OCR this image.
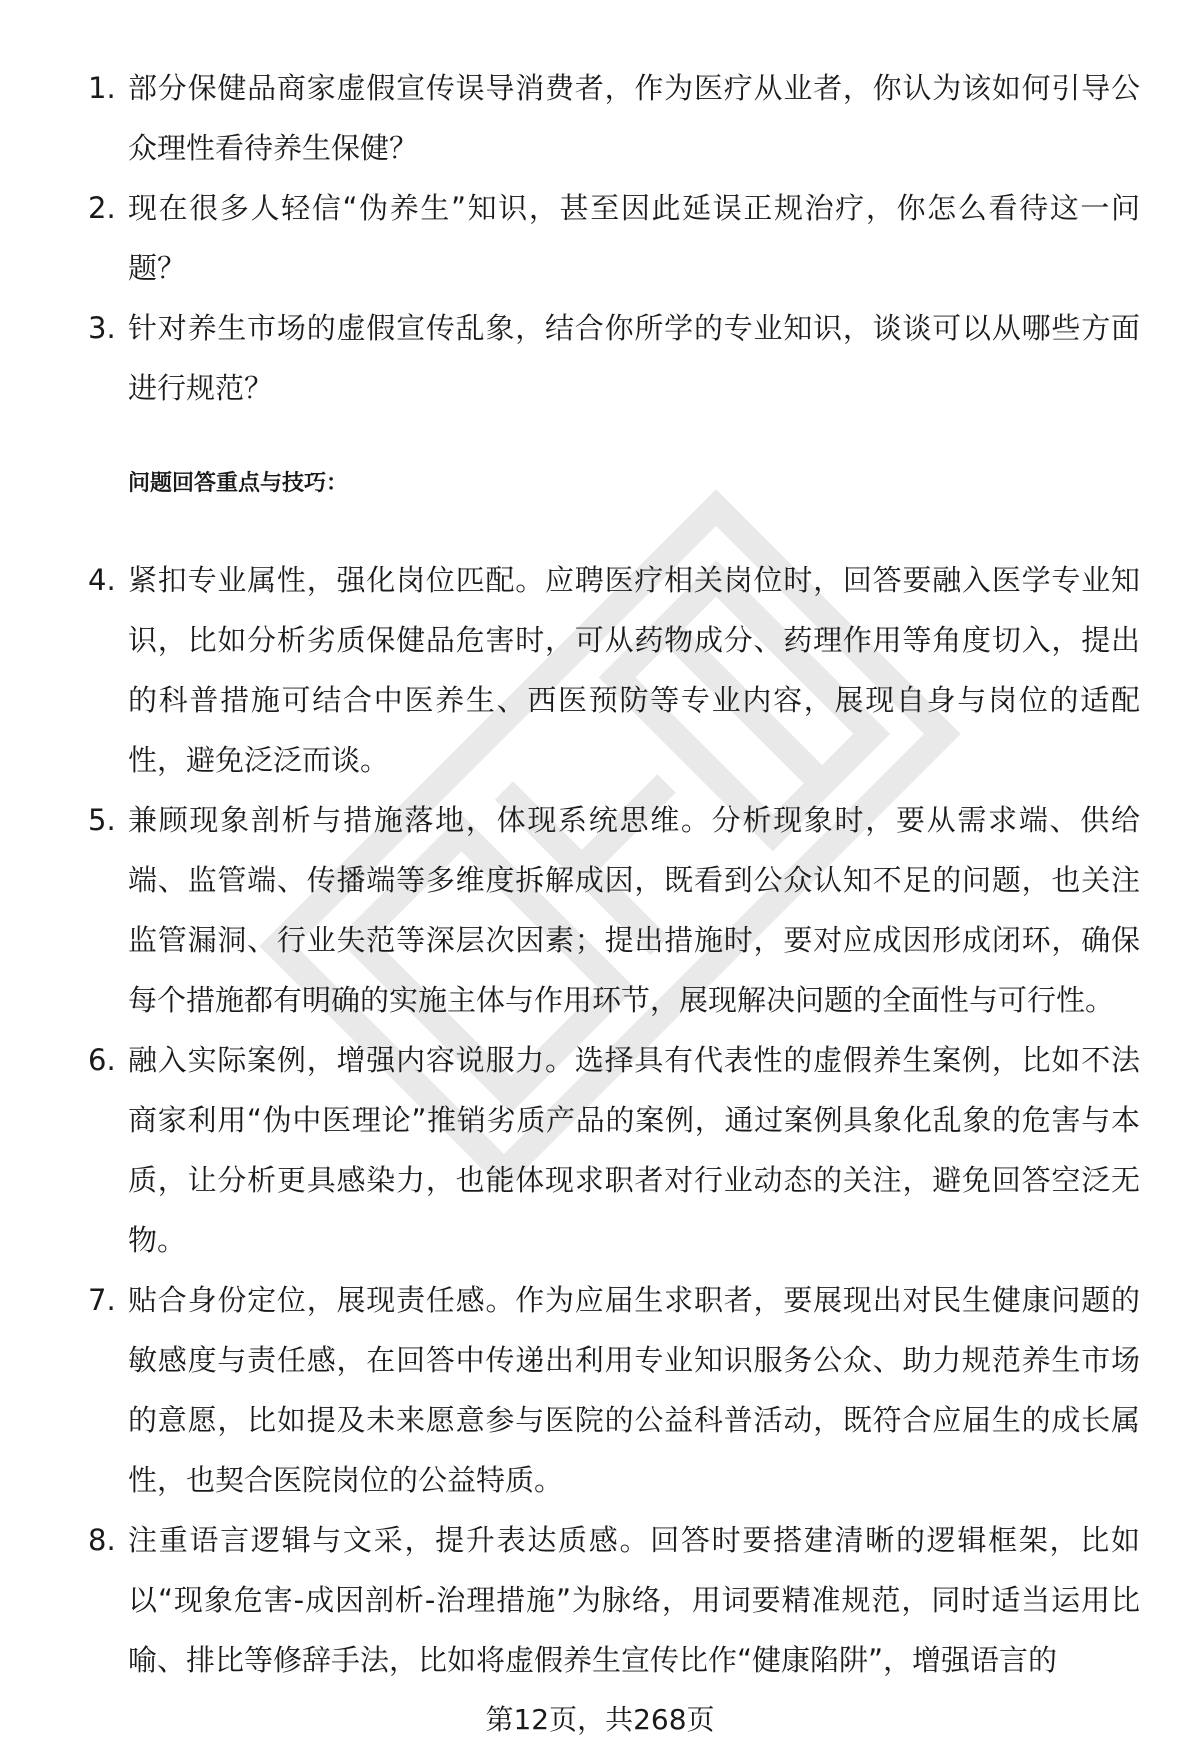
1. 部分保健品商家虚假宣传误导消费者，作为医疗从业者，你认为该如何引导公众理性看待养生保健？
2. 现在很多人轻信“伪养生”知识，甚至因此延误正规治疗，你怎么看待这一问题？
3. 针对养生市场的虚假宣传乱象，结合你所学的专业知识，谈谈可以从哪些方面进行规范？
问题回答重点与技巧：
4. 紧扣专业属性，强化岗位匹配。应聘医疗相关岗位时，回答要融入医学专业知识，比如分析劣质保健品危害时，可从药物成分、药理作用等角度切入，提出的科普措施可结合中医养生、西医预防等专业内容，展现自身与岗位的适配性，避免泛泛而谈。
5. 兼顾现象剖析与措施落地，体现系统思维。分析现象时，要从需求端、供给端、监管端、传播端等多维度拆解成因，既看到公众认知不足的问题，也关注监管漏洞、行业失范等深层次因素；提出措施时，要对应成因形成闭环，确保每个措施都有明确的实施主体与作用环节，展现解决问题的全面性与可行性。
6. 融入实际案例，增强内容说服力。选择具有代表性的虚假养生案例，比如不法商家利用“伪中医理论”推销劣质产品的案例，通过案例具象化乱象的危害与本质，让分析更具感染力，也能体现求职者对行业动态的关注，避免回答空泛无物。
7. 贴合身份定位，展现责任感。作为应届生求职者，要展现出对民生健康问题的敏感度与责任感，在回答中传递出利用专业知识服务公众、助力规范养生市场的意愿，比如提及未来愿意参与医院的公益科普活动，既符合应届生的成长属性，也契合医院岗位的公益特质。
8. 注重语言逻辑与文采，提升表达质感。回答时要搭建清晰的逻辑框架，比如以“现象危害-成因剖析-治理措施”为脉络，用词要精准规范，同时适当运用比喻、排比等修辞手法，比如将虚假养生宣传比作“健康陷阱”，增强语言的
第12页，共268页
